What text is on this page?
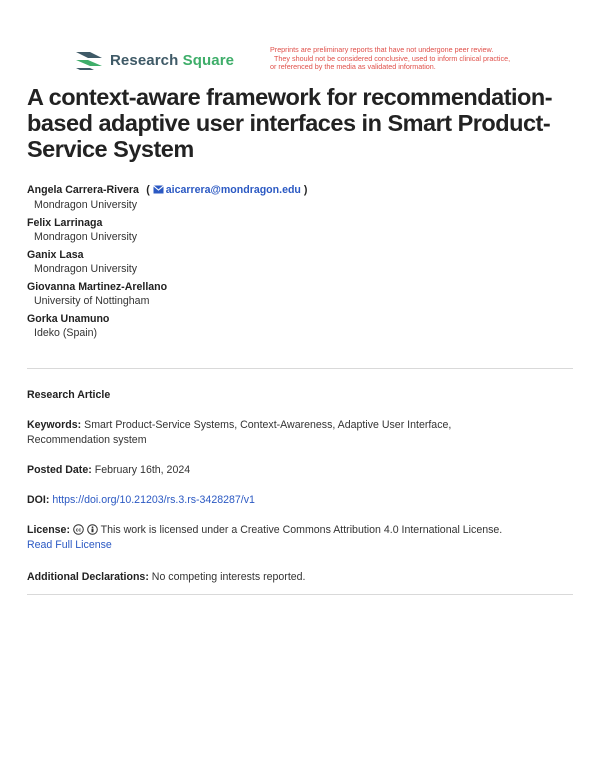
Research Square
Preprints are preliminary reports that have not undergone peer review.
They should not be considered conclusive, used to inform clinical practice,
or referenced by the media as validated information.
A context-aware framework for recommendation-based adaptive user interfaces in Smart Product-Service System
Angela Carrera-Rivera  ( aicarrera@mondragon.edu )
Mondragon University
Felix Larrinaga
Mondragon University
Ganix Lasa
Mondragon University
Giovanna Martinez-Arellano
University of Nottingham
Gorka Unamuno
Ideko (Spain)
Research Article
Keywords: Smart Product-Service Systems, Context-Awareness, Adaptive User Interface,
Recommendation system
Posted Date: February 16th, 2024
DOI: https://doi.org/10.21203/rs.3.rs-3428287/v1
License: cc This work is licensed under a Creative Commons Attribution 4.0 International License.
Read Full License
Additional Declarations: No competing interests reported.
